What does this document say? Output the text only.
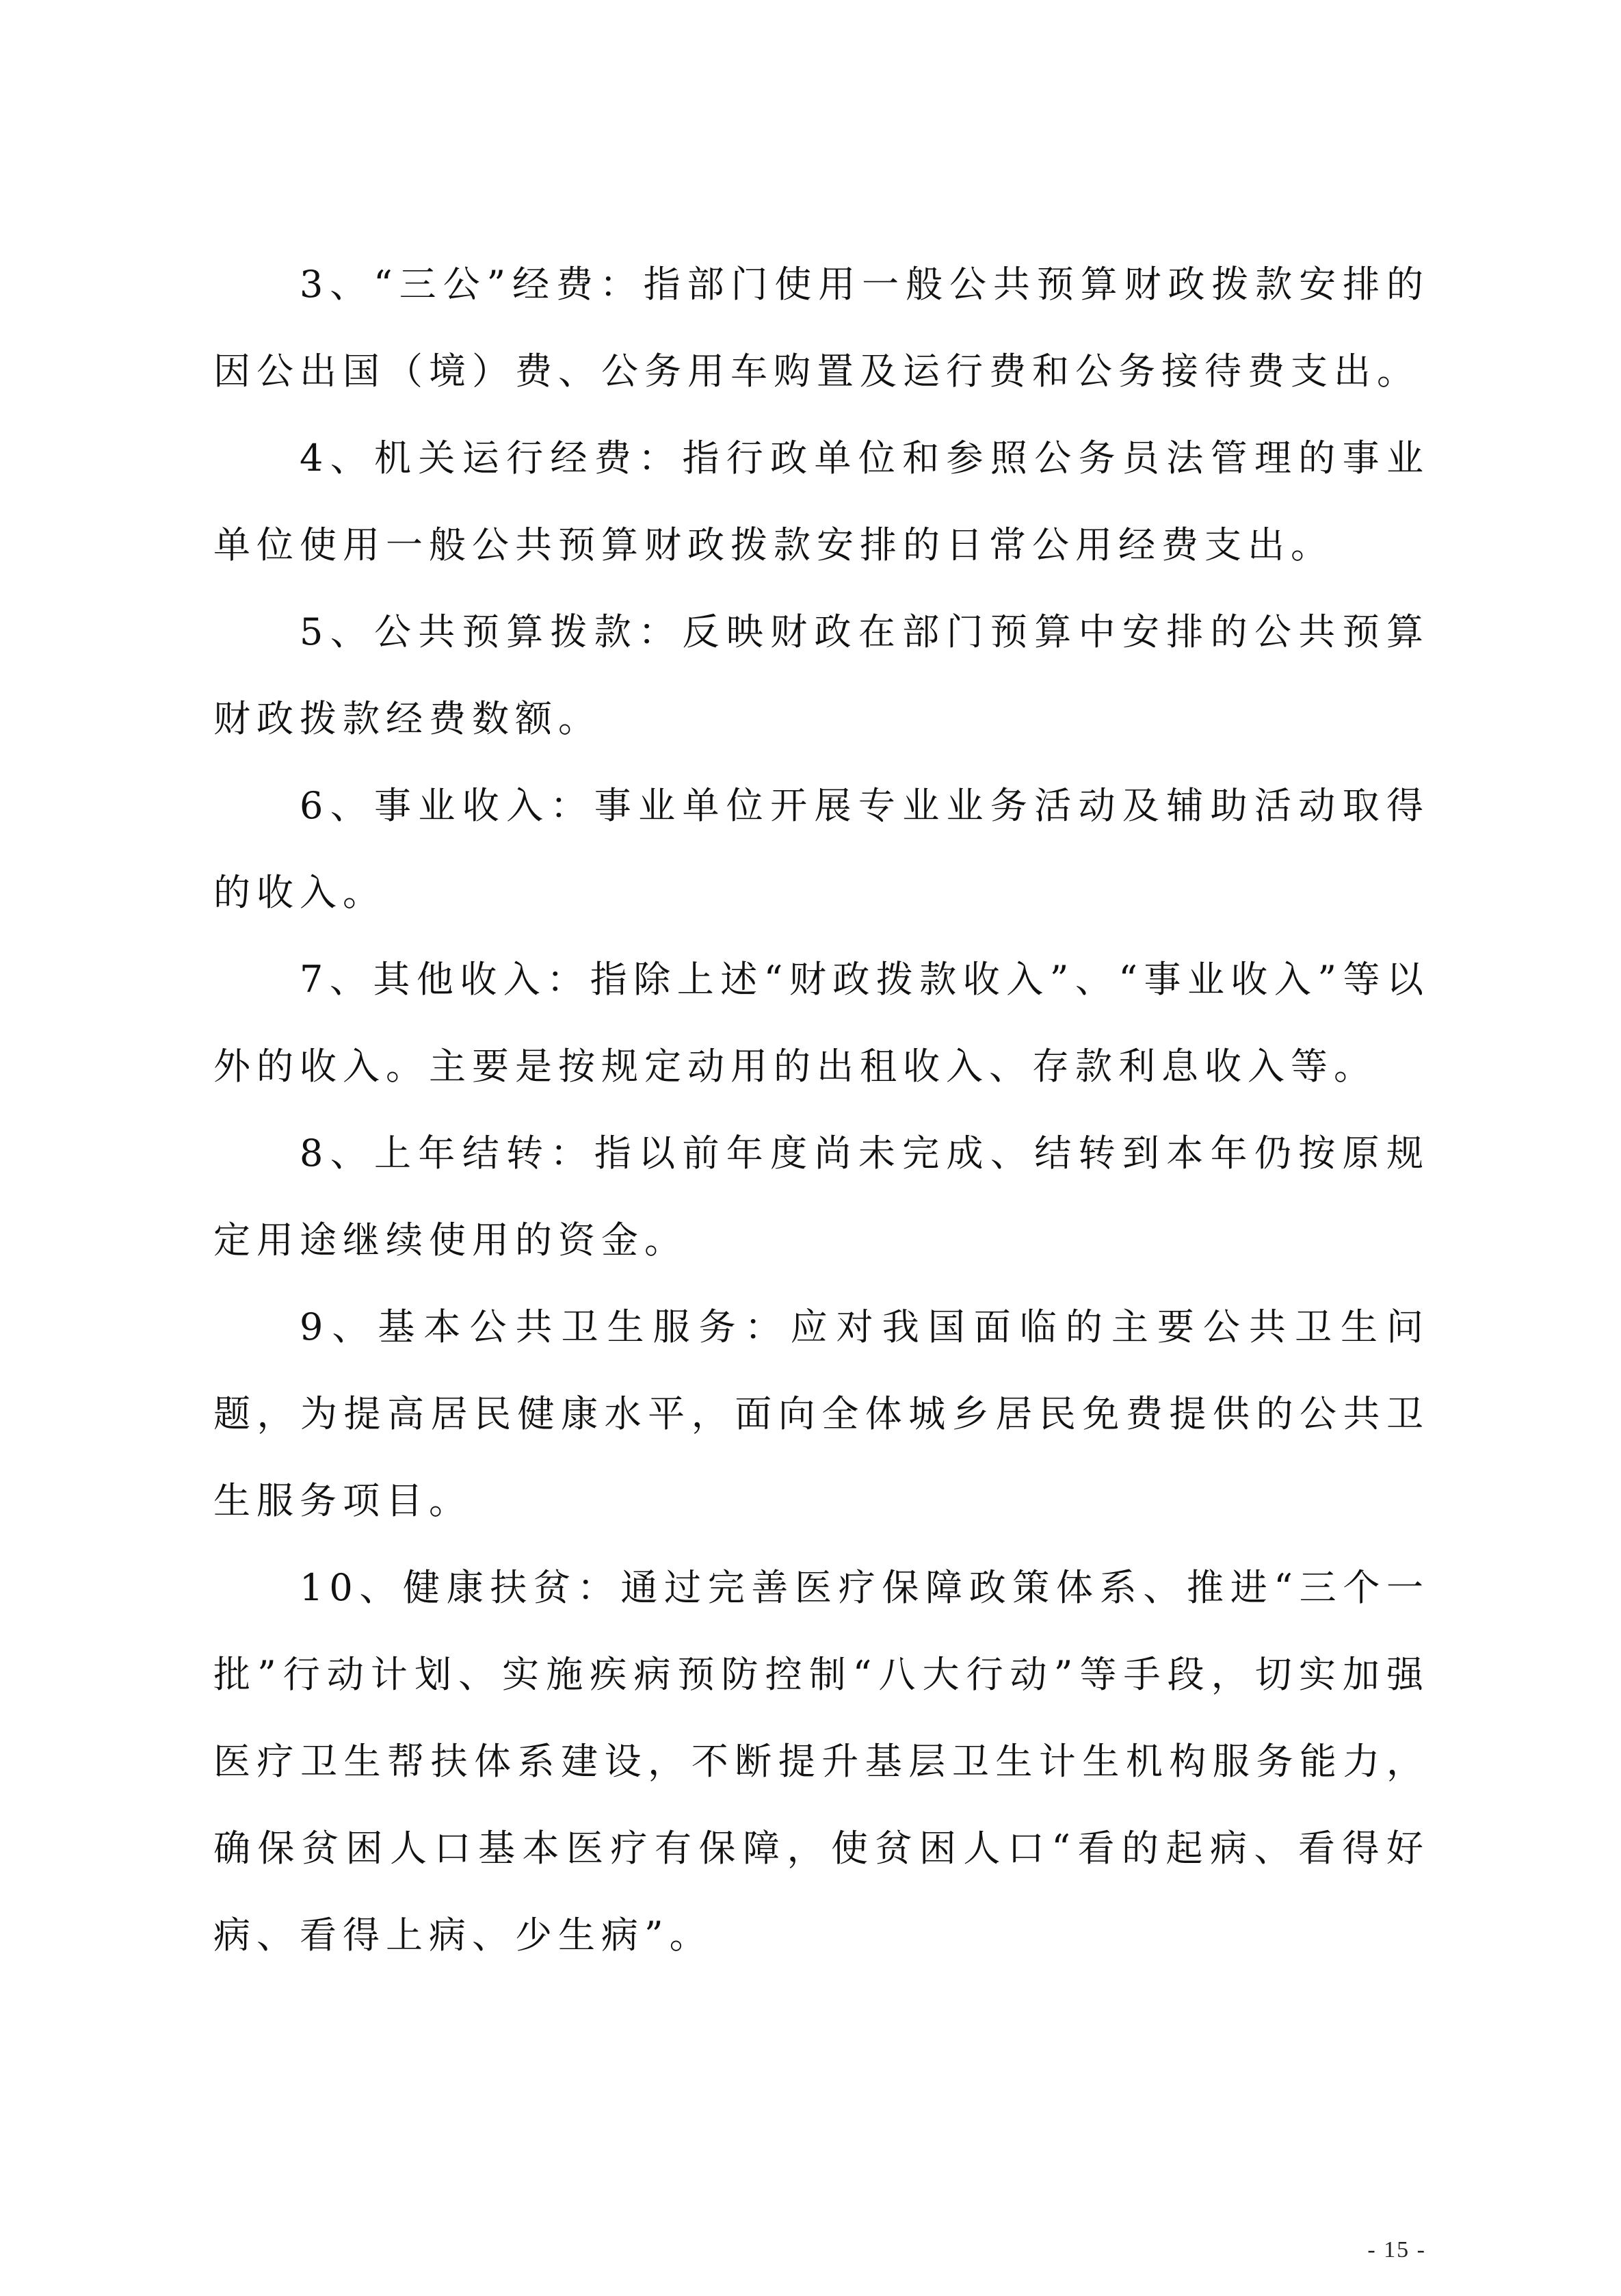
3、“三公”经费：指部门使用一般公共预算财政拨款安排的因公出国（境）费、公务用车购置及运行费和公务接待费支出。

4、机关运行经费：指行政单位和参照公务员法管理的事业单位使用一般公共预算财政拨款安排的日常公用经费支出。

5、公共预算拨款：反映财政在部门预算中安排的公共预算财政拨款经费数额。

6、事业收入：事业单位开展专业业务活动及辅助活动取得的收入。

7、其他收入：指除上述“财政拨款收入”、“事业收入”等以外的收入。主要是按规定动用的出租收入、存款利息收入等。

8、上年结转：指以前年度尚未完成、结转到本年仍按原规定用途继续使用的资金。

9、基本公共卫生服务：应对我国面临的主要公共卫生问题，为提高居民健康水平，面向全体城乡居民免费提供的公共卫生服务项目。

10、健康扶贫：通过完善医疗保障政策体系、推进“三个一批”行动计划、实施疾病预防控制“八大行动”等手段，切实加强医疗卫生帮扶体系建设，不断提升基层卫生计生机构服务能力，确保贫困人口基本医疗有保障，使贫困人口“看的起病、看得好病、看得上病、少生病”。

- 15 -
